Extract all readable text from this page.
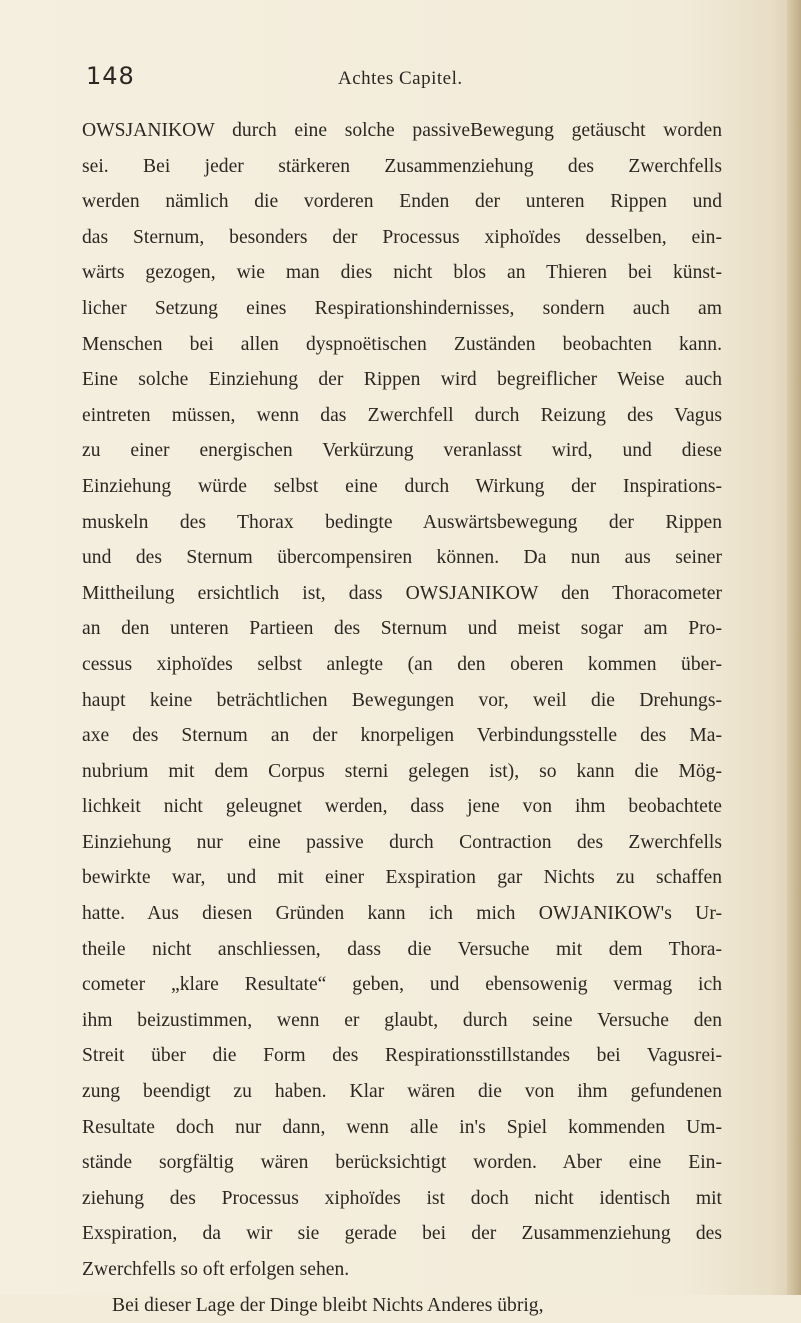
148	Achtes Capitel.
OWSJANIKOW durch eine solche passiveBewegung getäuscht worden
sei. Bei jeder stärkeren Zusammenziehung des Zwerchfells
werden nämlich die vorderen Enden der unteren Rippen und
das Sternum, besonders der Processus xiphoïdes desselben, ein-
wärts gezogen, wie man dies nicht blos an Thieren bei künst-
licher Setzung eines Respirationshindernisses, sondern auch am
Menschen bei allen dyspnoëtischen Zuständen beobachten kann.
Eine solche Einziehung der Rippen wird begreiflicher Weise auch
eintreten müssen, wenn das Zwerchfell durch Reizung des Vagus
zu einer energischen Verkürzung veranlasst wird, und diese
Einziehung würde selbst eine durch Wirkung der Inspirations-
muskeln des Thorax bedingte Auswärtsbewegung der Rippen
und des Sternum übercompensiren können. Da nun aus seiner
Mittheilung ersichtlich ist, dass OWSJANIKOW den Thoracometer
an den unteren Partieen des Sternum und meist sogar am Pro-
cessus xiphoïdes selbst anlegte (an den oberen kommen über-
haupt keine beträchtlichen Bewegungen vor, weil die Drehungs-
axe des Sternum an der knorpeligen Verbindungsstelle des Ma-
nubrium mit dem Corpus sterni gelegen ist), so kann die Mög-
lichkeit nicht geleugnet werden, dass jene von ihm beobachtete
Einziehung nur eine passive durch Contraction des Zwerchfells
bewirkte war, und mit einer Exspiration gar Nichts zu schaffen
hatte. Aus diesen Gründen kann ich mich OWJANIKOW's Ur-
theile nicht anschliessen, dass die Versuche mit dem Thora-
cometer „klare Resultate“ geben, und ebensowenig vermag ich
ihm beizustimmen, wenn er glaubt, durch seine Versuche den
Streit über die Form des Respirationsstillstandes bei Vagusrei-
zung beendigt zu haben. Klar wären die von ihm gefundenen
Resultate doch nur dann, wenn alle in's Spiel kommenden Um-
stände sorgfältig wären berücksichtigt worden. Aber eine Ein-
ziehung des Processus xiphoïdes ist doch nicht identisch mit
Exspiration, da wir sie gerade bei der Zusammenziehung des
Zwerchfells so oft erfolgen sehen.
Bei dieser Lage der Dinge bleibt Nichts Anderes übrig,
